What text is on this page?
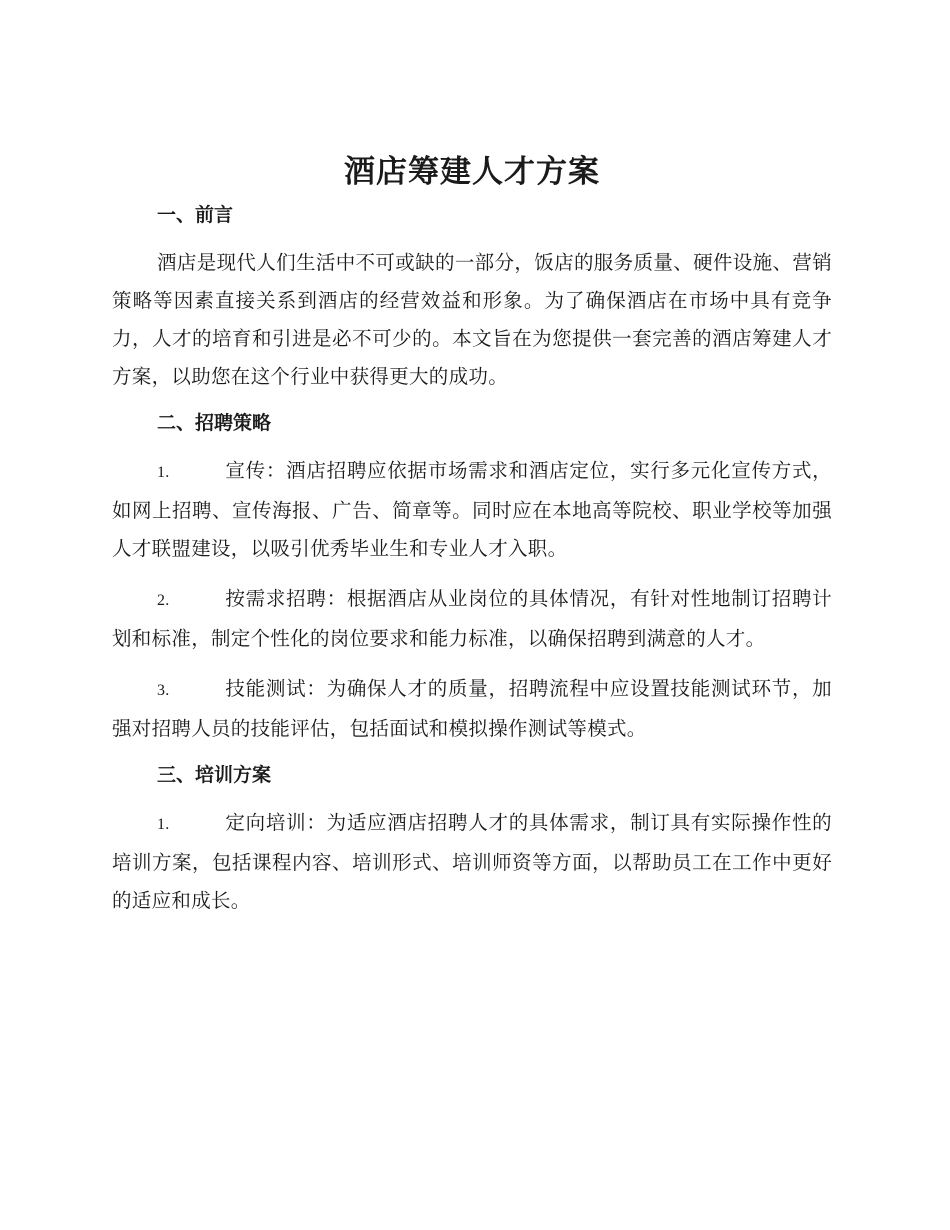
酒店筹建人才方案
一、前言

酒店是现代人们生活中不可或缺的一部分，饭店的服务质量、硬件设施、营销策略等因素直接关系到酒店的经营效益和形象。为了确保酒店在市场中具有竞争力，人才的培育和引进是必不可少的。本文旨在为您提供一套完善的酒店筹建人才方案，以助您在这个行业中获得更大的成功。

二、招聘策略

1.	宣传：酒店招聘应依据市场需求和酒店定位，实行多元化宣传方式，如网上招聘、宣传海报、广告、简章等。同时应在本地高等院校、职业学校等加强人才联盟建设，以吸引优秀毕业生和专业人才入职。

2.	按需求招聘：根据酒店从业岗位的具体情况，有针对性地制订招聘计划和标准，制定个性化的岗位要求和能力标准，以确保招聘到满意的人才。

3.	技能测试：为确保人才的质量，招聘流程中应设置技能测试环节，加强对招聘人员的技能评估，包括面试和模拟操作测试等模式。

三、培训方案

1.	定向培训：为适应酒店招聘人才的具体需求，制订具有实际操作性的培训方案，包括课程内容、培训形式、培训师资等方面，以帮助员工在工作中更好的适应和成长。
